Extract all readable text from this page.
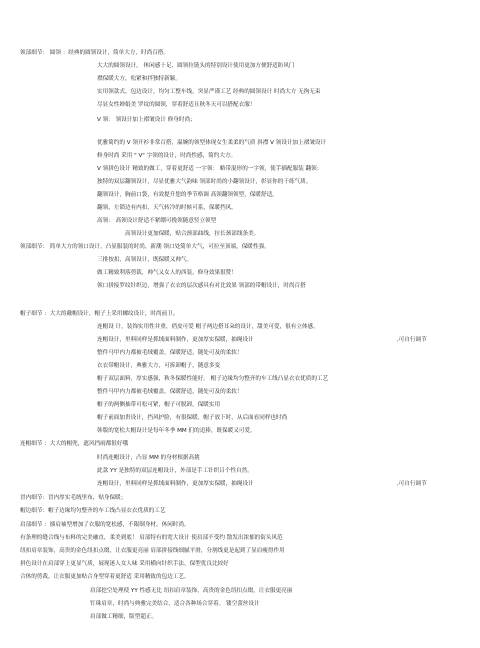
领部细节： 圆领 ：经典的圆领设计，简单大方，时尚百搭。
大大的圆领设计， 休闲感十足，圆领拉链头的特别设计使用更加方便舒适防风门
襟保暖大方，松紧和拌独特新颖。
实用领款式，包边设计，均匀工整车线，突显严谨工艺 经典的圆领设计 时尚大方 无拘无束
尽显女性婵娟美 罗纹的圆领，穿着舒适且秋冬天可以搭配衣服！
V 领： 领设计加上褶皱设计 修身时尚；
优雅简约的 V 领开衫非常百搭，温婉的领型体现女生柔柔的气质 斜襟 V 领设计加上褶皱设计
修身时尚 采用 " V" 字领的设计，时尚性感，简约大方。
V 领拼色设计 精致的做工，穿着更舒适 一字领： 略带混形的一字领，使手插配服装 翻领：
独特的双层翻领设计，尽显优雅大气韵味 领部时尚的小翻领设计，彰显你的干练气质。
翻领设计，胸前口袋，有效提升您的季节格调 高领翻领领型，保暖舒适，
翻领，左锁边有内扣，天气转冷的时候可系，保暖挡风。
高领： 高领设计舒适不紧绷可挽领随意竖立领型
高领设计更加保暖，贴合颈部曲线，拉长颈部线条美。
领部细节： 简单大方的领口设计，凸显服装的时尚，新潮 领口处简单大气，可拉至顶端，保暖性强。
三排按扣，高领设计，既保暖又帅气。
做工精致利落剪裁，帅气又女人的西装，修身效果很赞！
领口拼接罗纹针织边，增强了衣衣的层次感具有对比效果 领部的带帽设计，时尚百搭
帽子细节 ：大大的戴帽设计，帽子上采用螺纹设计，时尚前卫。
连帽设 计，装饰实用性并重，俏皮可爱 帽子两边搭耳朵的设计，甜美可爱，很有立体感。
连帽设计，里料同样是抓绒面料制作，更加厚实保暖，抽绳设计	,可自行调节
整件马甲内力都被毛绒覆盖，保暖舒适，随处可及的柔软！
衣衣带帽设计，典雅大方，可拆卸帽子，随意多变
帽子双层面料，厚实感强，秋冬保暖性能好。 帽子边缘均匀整齐的车工线凸显衣衣优质的工艺
整件马甲内力都被毛绒覆盖，保暖舒适，随处可及的柔软！
帽子的两侧抽带可松可紧，帽子可脱卸，保暖实用
帽子前面加贵设计，挡风护脸，有很保暖，帽子放下时，从后面看同样也时尚
韩版的宽松大帽设计是每年冬季 MM 们的追捧，既保暖又可爱。
连帽细节 ：大大的帽兜，遮风挡雨都很好哦
时尚连帽设计，凸显 MM 的身材根据高挑
此款 YY 是独特的双层连帽设计，外部是手工针织吕个性自然。
连帽设计，里料同样是抓绒面料制作，更加厚实保暖，抽绳设计	,可自行调节
冒内细节：冒内厚实毛绒里布，贴身保暖；
帽边细节：帽子边缘均匀整齐的车工线凸显衣衣优质的工艺
肩部细节 ：插肩袖型增加了衣服的宽松感，不限制身材，休闲时尚。
有条理的缝合线与布料的完美融直，柔美到底！ 肩部特有的宽大设计 使肩部不受约 散发出浓郁的街头风范
纽扣肩章装饰，高贵的金色纽扣点缀，让衣服更亮丽 肩部拼接线细腻平滑，分割线更是起到了显肩瘦得作用
拼色设计在肩部穿上更显气质，展现迷人女人味 采用横向针织手法，保型优良比较好
合体的剪裁，让衣服更加贴合身型穿着更舒适 采用精致的包边工艺。
肩部挖空处理使 YY 性感无比 纽扣肩章装饰，高贵的金色纽扣点缀，让衣服更亮丽
钉珠肩章，时尚与典雅完美结合，适合各种场合穿着。 镂空蕾丝设计
肩部做工精细，版型超正。
